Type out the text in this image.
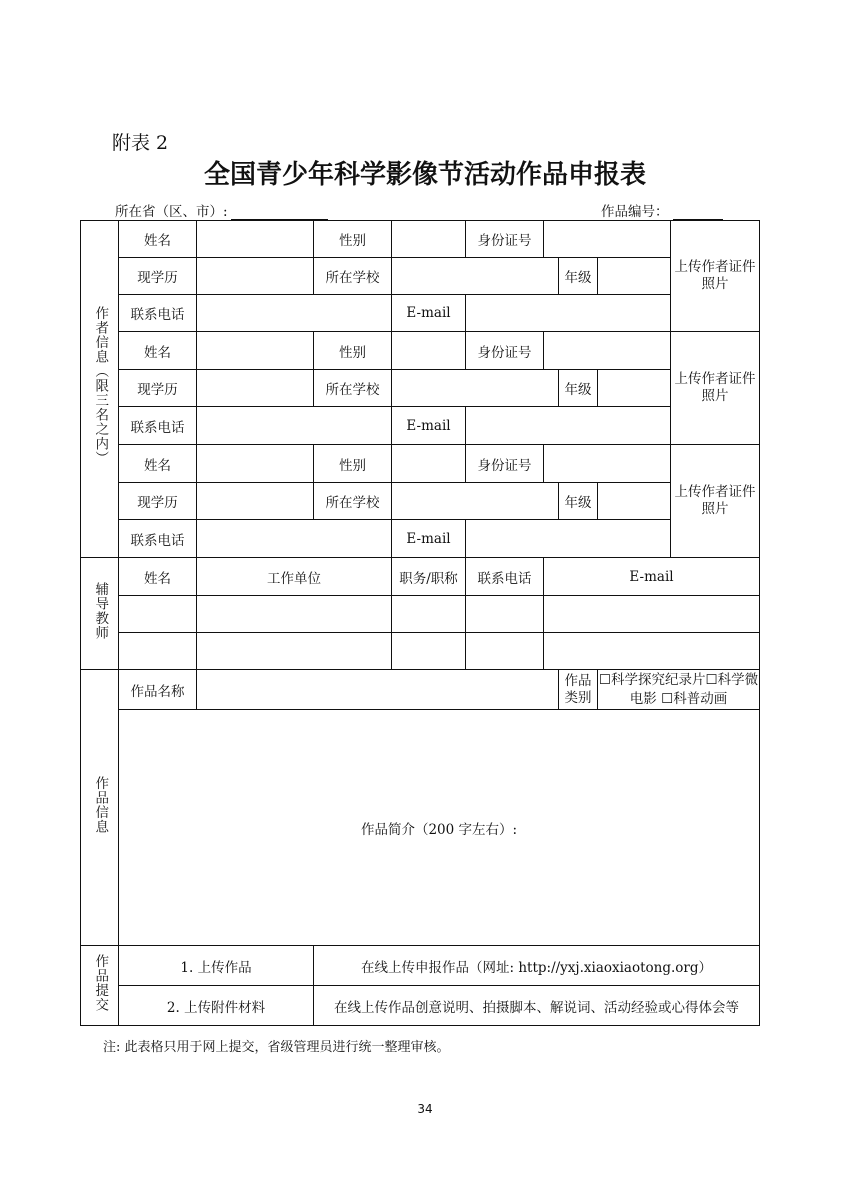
附表 2
全国青少年科学影像节活动作品申报表
所在省（区、市）:	作品编号：
作者信息（限三名之内）	姓名		性别		身份证号				上传作者证件照片
	现学历		所在学校				年级		
	联系电话			E-mail					
	姓名		性别		身份证号				上传作者证件照片
	现学历		所在学校				年级		
	联系电话			E-mail					
	姓名		性别		身份证号				上传作者证件照片
	现学历		所在学校				年级		
	联系电话			E-mail					
辅导教师	姓名	工作单位		职务/职称	联系电话	E-mail			

作品信息	作品名称						作品类别	☐科学探究纪录片☐科学微电影 ☐科普动画	
	作品简介（200 字左右）:								
作品提交	1. 上传作品		在线上传申报作品（网址: http://yxj.xiaoxiaotong.org）						
	2. 上传附件材料		在线上传作品创意说明、拍摄脚本、解说词、活动经验或心得体会等						
注: 此表格只用于网上提交，省级管理员进行统一整理审核。
34
